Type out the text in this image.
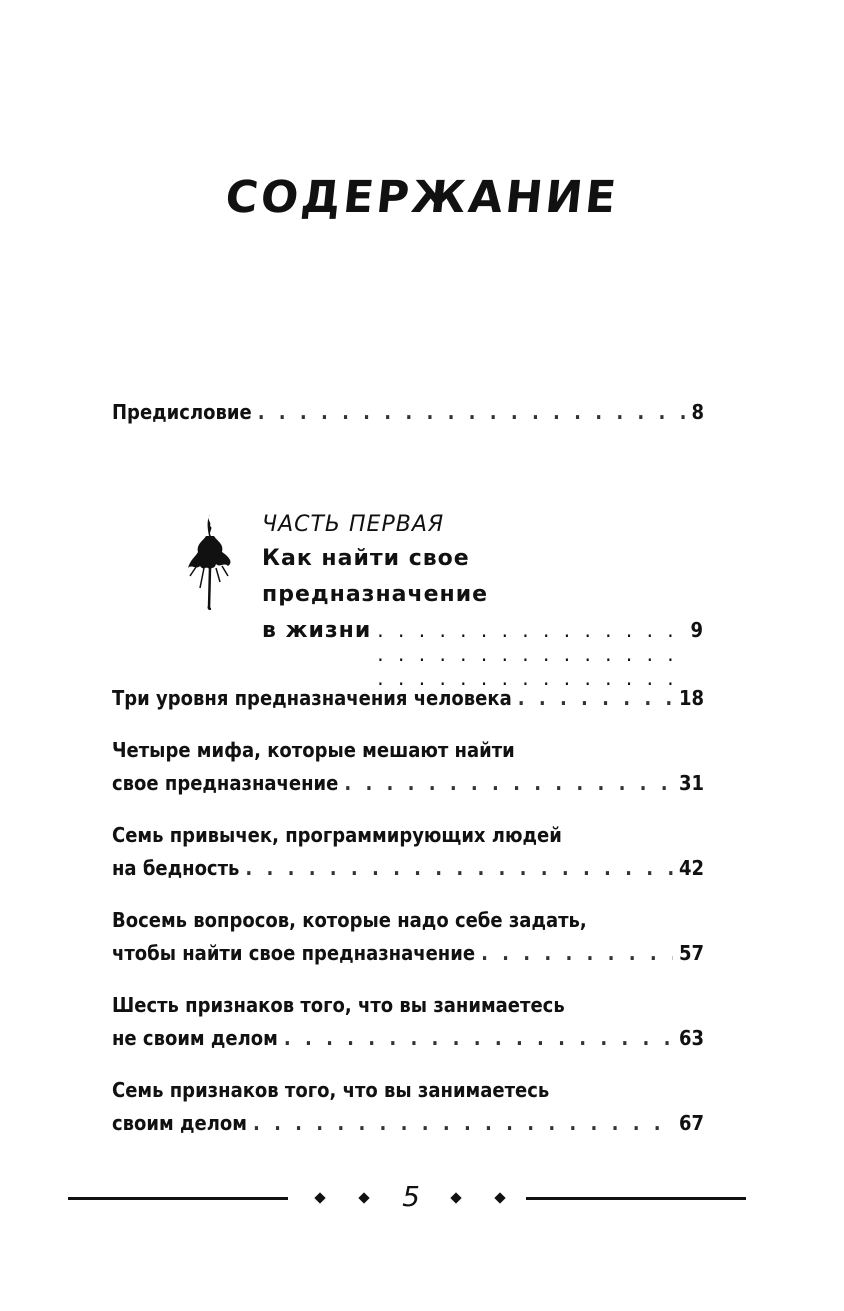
СОДЕРЖАНИЕ
Предисловие . . .	8
ЧАСТЬ ПЕРВАЯ
Как найти свое
предназначение
в жизни . . .	9
Три уровня предназначения человека . . .	18
Четыре мифа, которые мешают найти
свое предназначение . . .	31
Семь привычек, программирующих людей
на бедность . . .	42
Восемь вопросов, которые надо себе задать,
чтобы найти свое предназначение . . .	57
Шесть признаков того, что вы занимаетесь
не своим делом . . .	63
Семь признаков того, что вы занимаетесь
своим делом . . .	67
5
